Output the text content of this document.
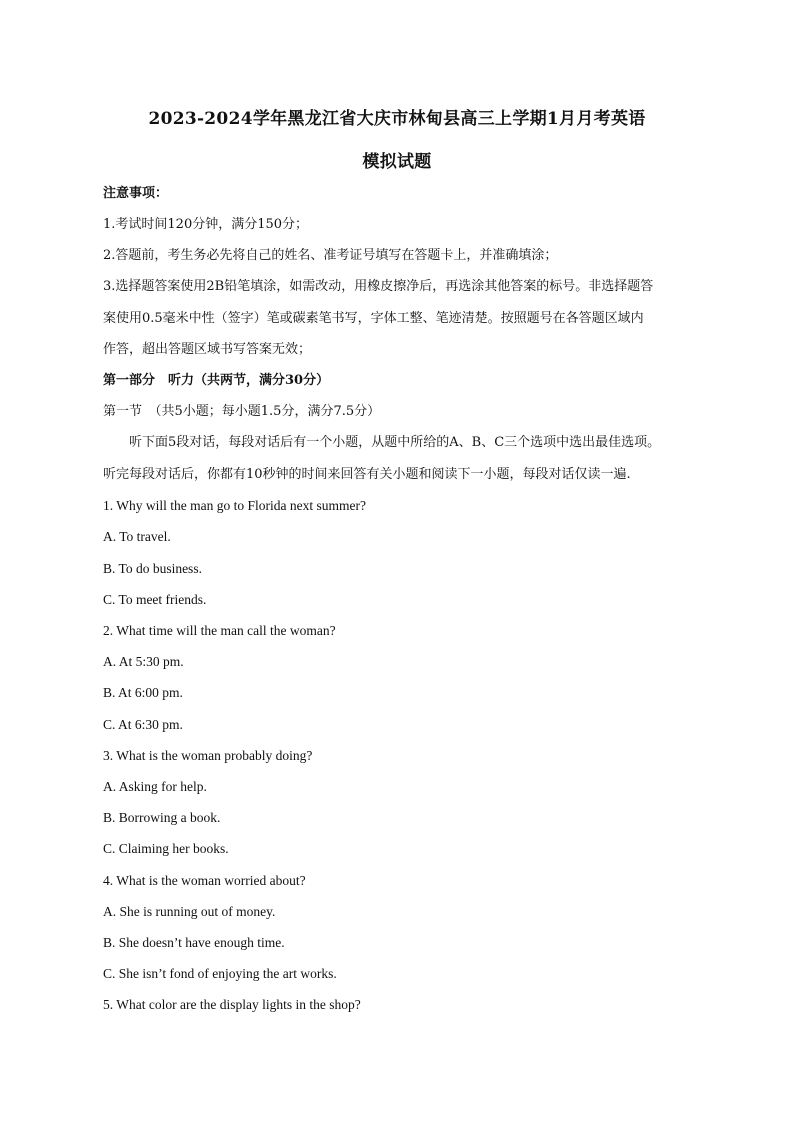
2023-2024学年黑龙江省大庆市林甸县高三上学期1月月考英语
模拟试题
注意事项：
1.考试时间120分钟，满分150分；
2.答题前，考生务必先将自己的姓名、准考证号填写在答题卡上，并准确填涂；
3.选择题答案使用2B铅笔填涂，如需改动，用橡皮擦净后，再选涂其他答案的标号。非选择题答
案使用0.5毫米中性（签字）笔或碳素笔书写，字体工整、笔迹清楚。按照题号在各答题区域内
作答，超出答题区域书写答案无效；
第一部分　听力（共两节，满分30分）
第一节　（共5小题；每小题1.5分，满分7.5分）
听下面5段对话，每段对话后有一个小题，从题中所给的A、B、C三个选项中选出最佳选项。
听完每段对话后，你都有10秒钟的时间来回答有关小题和阅读下一小题，每段对话仅读一遍.
1. Why will the man go to Florida next summer?
A. To travel.
B. To do business.
C. To meet friends.
2. What time will the man call the woman?
A. At 5:30 pm.
B. At 6:00 pm.
C. At 6:30 pm.
3. What is the woman probably doing?
A. Asking for help.
B. Borrowing a book.
C. Claiming her books.
4. What is the woman worried about?
A. She is running out of money.
B. She doesn’t have enough time.
C. She isn’t fond of enjoying the art works.
5. What color are the display lights in the shop?
